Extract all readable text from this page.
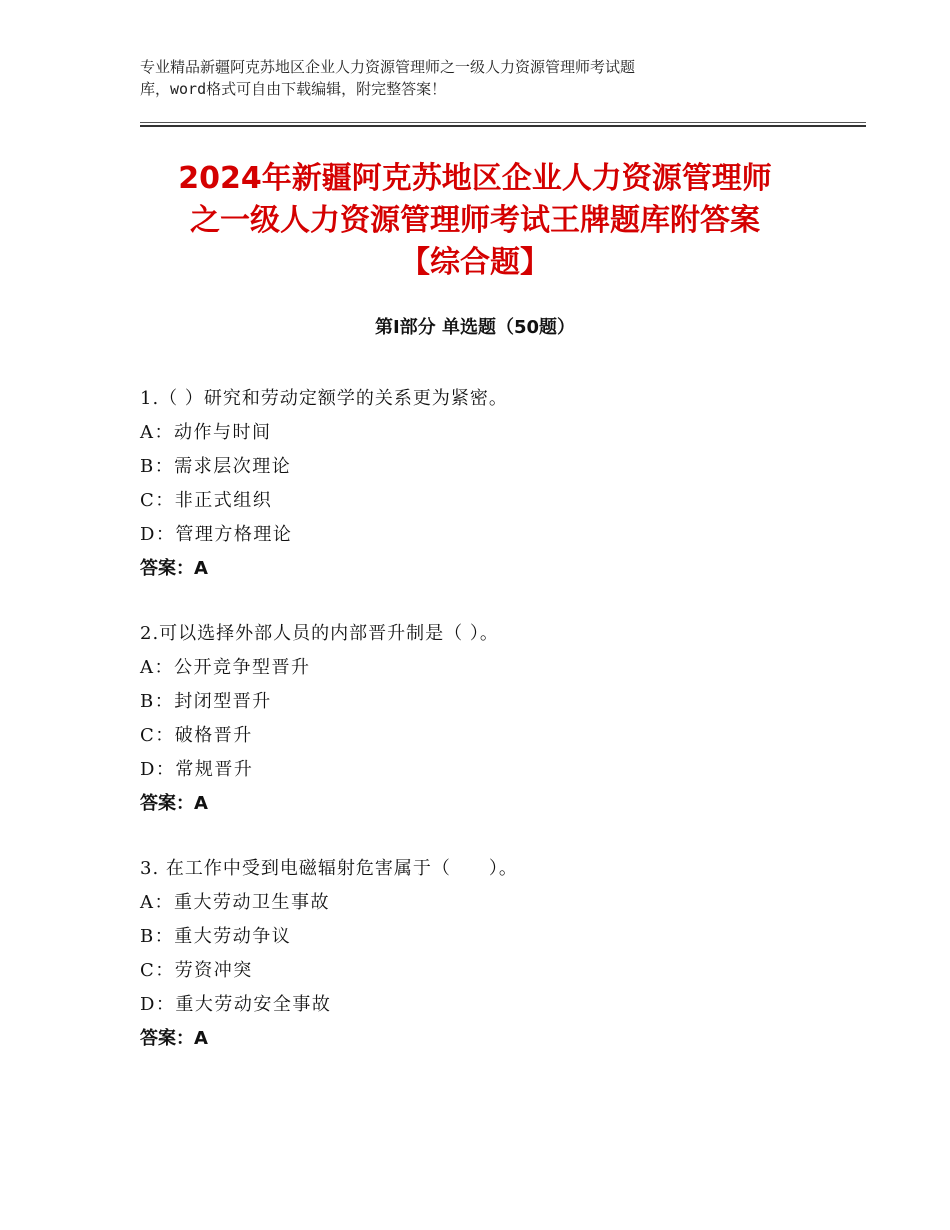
专业精品新疆阿克苏地区企业人力资源管理师之一级人力资源管理师考试题
库，word格式可自由下载编辑，附完整答案！
2024年新疆阿克苏地区企业人力资源管理师
之一级人力资源管理师考试王牌题库附答案
【综合题】
第Ⅰ部分 单选题（50题）
1.（ ）研究和劳动定额学的关系更为紧密。
A：动作与时间
B：需求层次理论
C：非正式组织
D：管理方格理论
答案：A
2.可以选择外部人员的内部晋升制是（ ）。
A：公开竞争型晋升
B：封闭型晋升
C：破格晋升
D：常规晋升
答案：A
3. 在工作中受到电磁辐射危害属于（　　）。
A：重大劳动卫生事故
B：重大劳动争议
C：劳资冲突
D：重大劳动安全事故
答案：A
